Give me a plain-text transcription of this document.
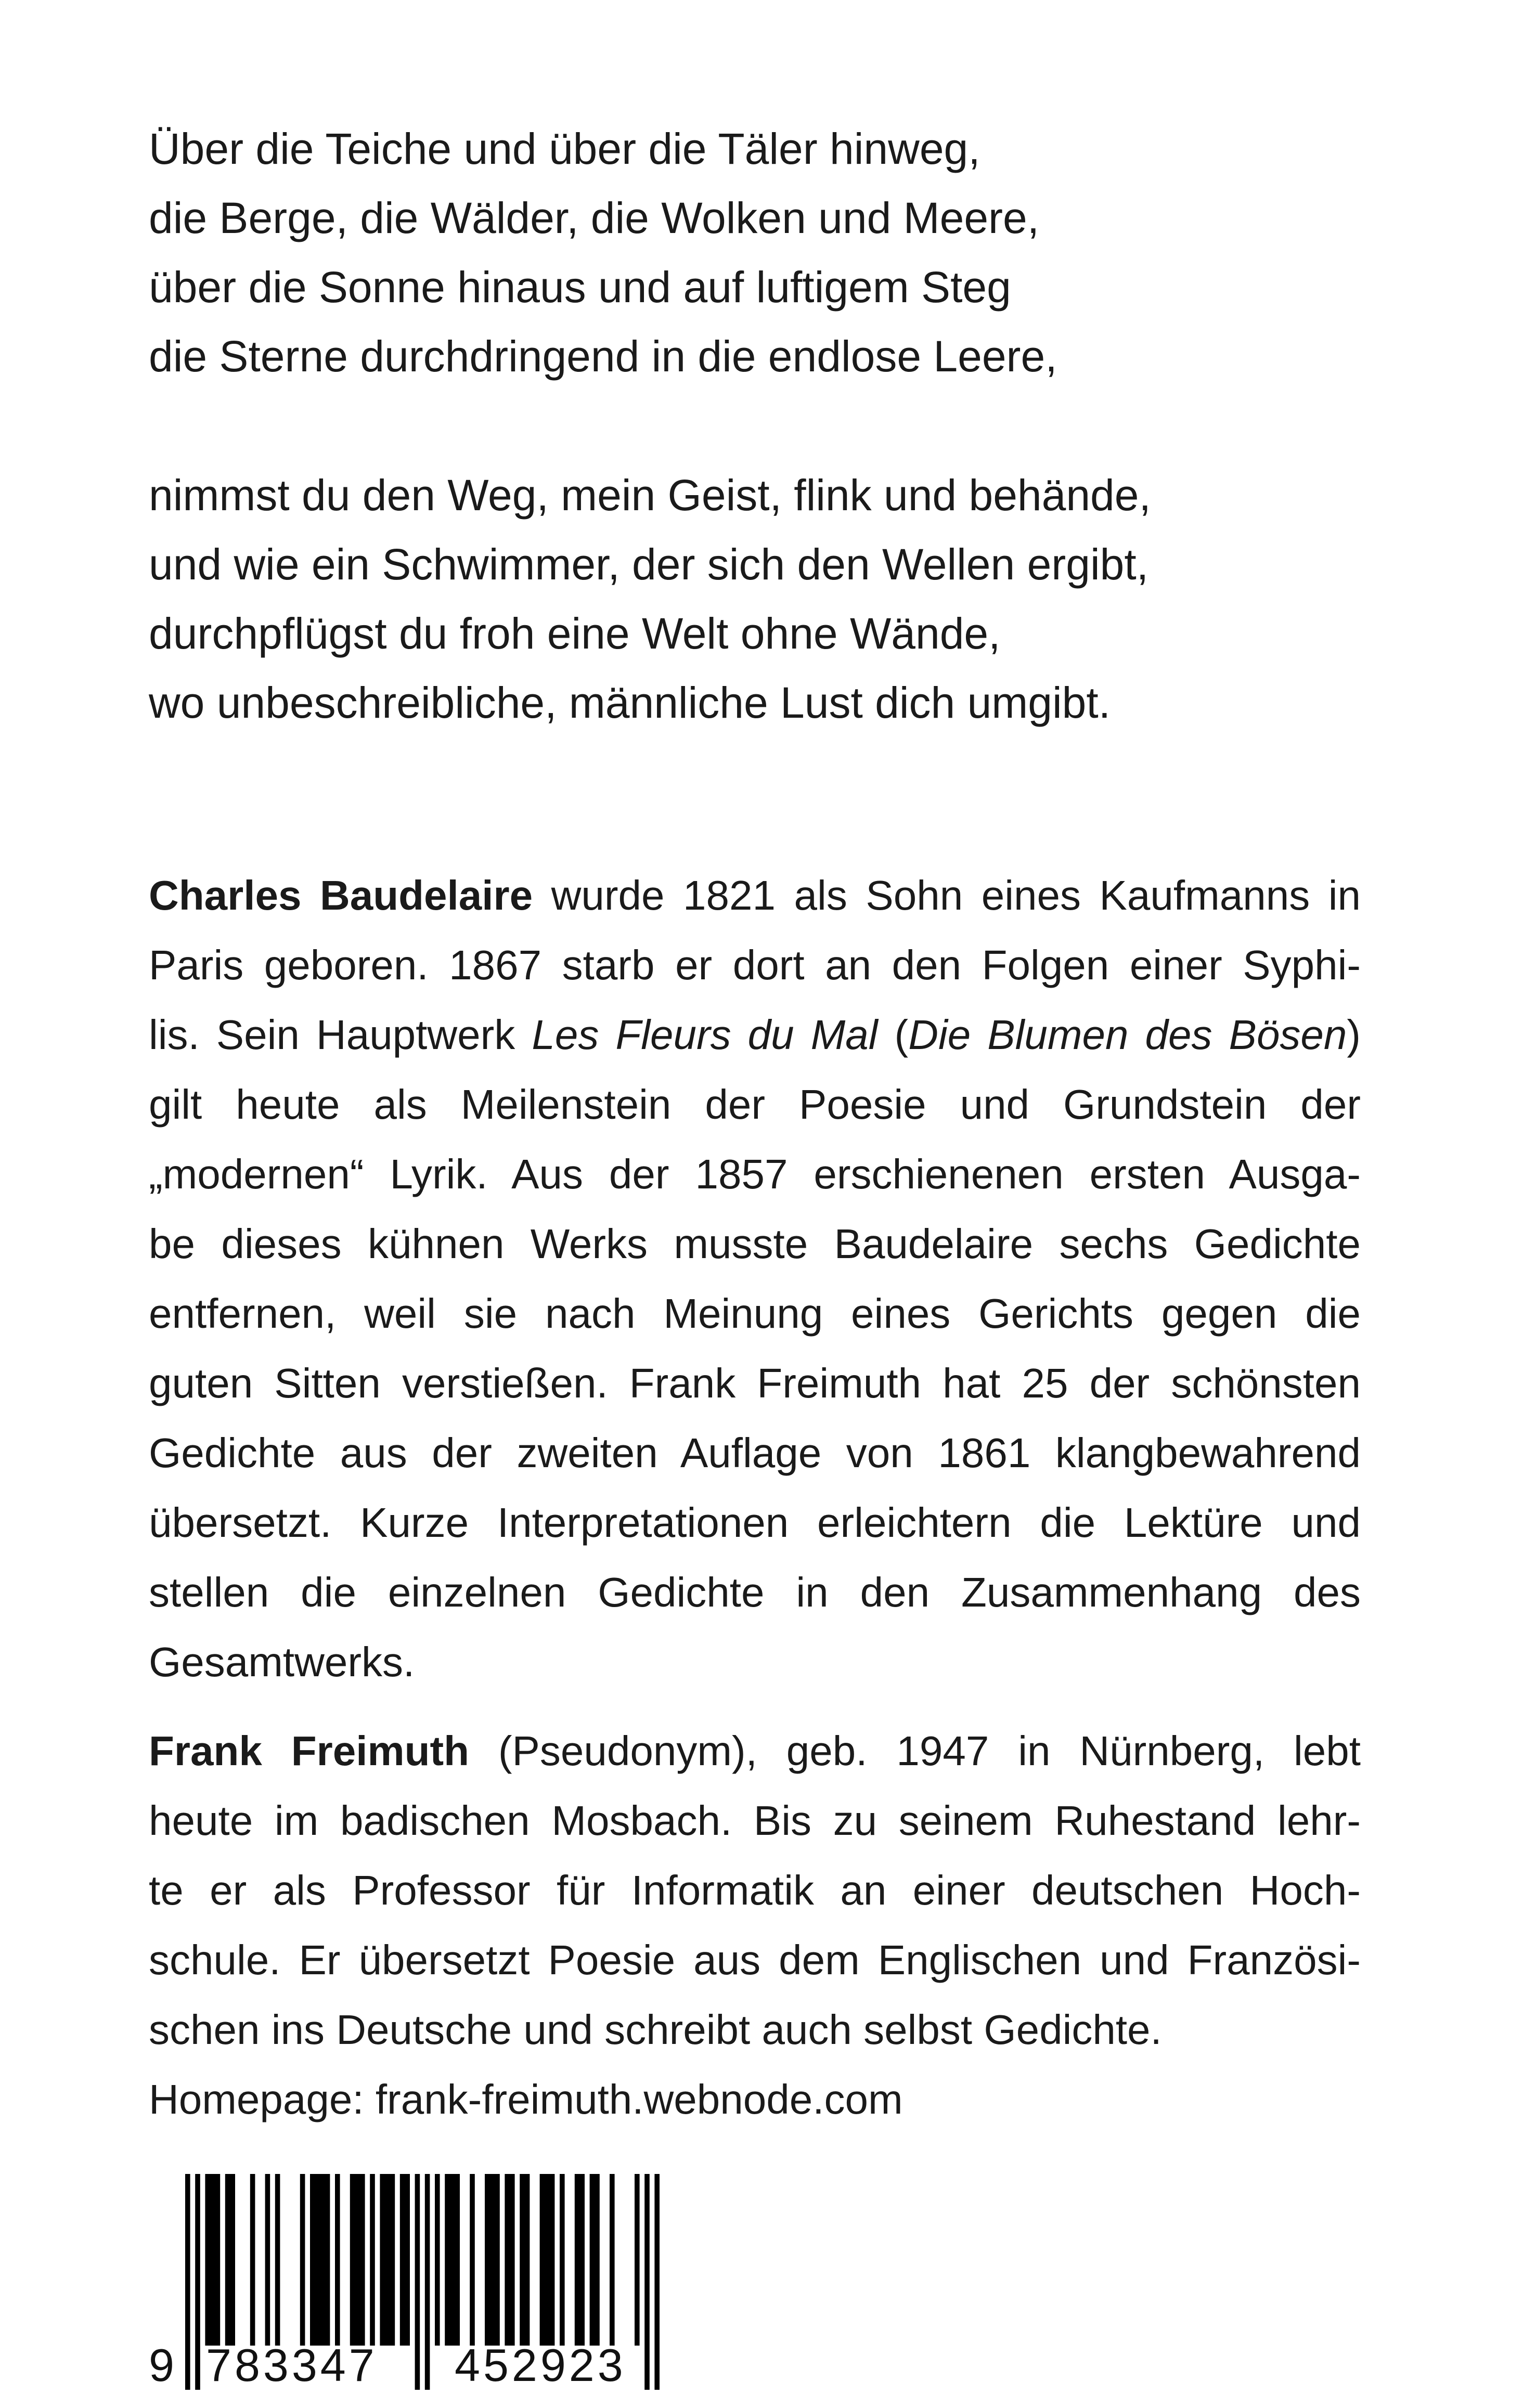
Über die Teiche und über die Täler hinweg,
die Berge, die Wälder, die Wolken und Meere,
über die Sonne hinaus und auf luftigem Steg
die Sterne durchdringend in die endlose Leere,
nimmst du den Weg, mein Geist, flink und behände,
und wie ein Schwimmer, der sich den Wellen ergibt,
durchpflügst du froh eine Welt ohne Wände,
wo unbeschreibliche, männliche Lust dich umgibt.
Charles Baudelaire wurde 1821 als Sohn eines Kaufmanns in
Paris geboren. 1867 starb er dort an den Folgen einer Syphi-
lis. Sein Hauptwerk Les Fleurs du Mal (Die Blumen des Bösen)
gilt heute als Meilenstein der Poesie und Grundstein der
„modernen“ Lyrik. Aus der 1857 erschienenen ersten Ausga-
be dieses kühnen Werks musste Baudelaire sechs Gedichte
entfernen, weil sie nach Meinung eines Gerichts gegen die
guten Sitten verstießen. Frank Freimuth hat 25 der schönsten
Gedichte aus der zweiten Auflage von 1861 klangbewahrend
übersetzt. Kurze Interpretationen erleichtern die Lektüre und
stellen die einzelnen Gedichte in den Zusammenhang des
Gesamtwerks.
Frank Freimuth (Pseudonym), geb. 1947 in Nürnberg, lebt
heute im badischen Mosbach. Bis zu seinem Ruhestand lehr-
te er als Professor für Informatik an einer deutschen Hoch-
schule. Er übersetzt Poesie aus dem Englischen und Französi-
schen ins Deutsche und schreibt auch selbst Gedichte.
Homepage: frank-freimuth.webnode.com
9 783347 452923
